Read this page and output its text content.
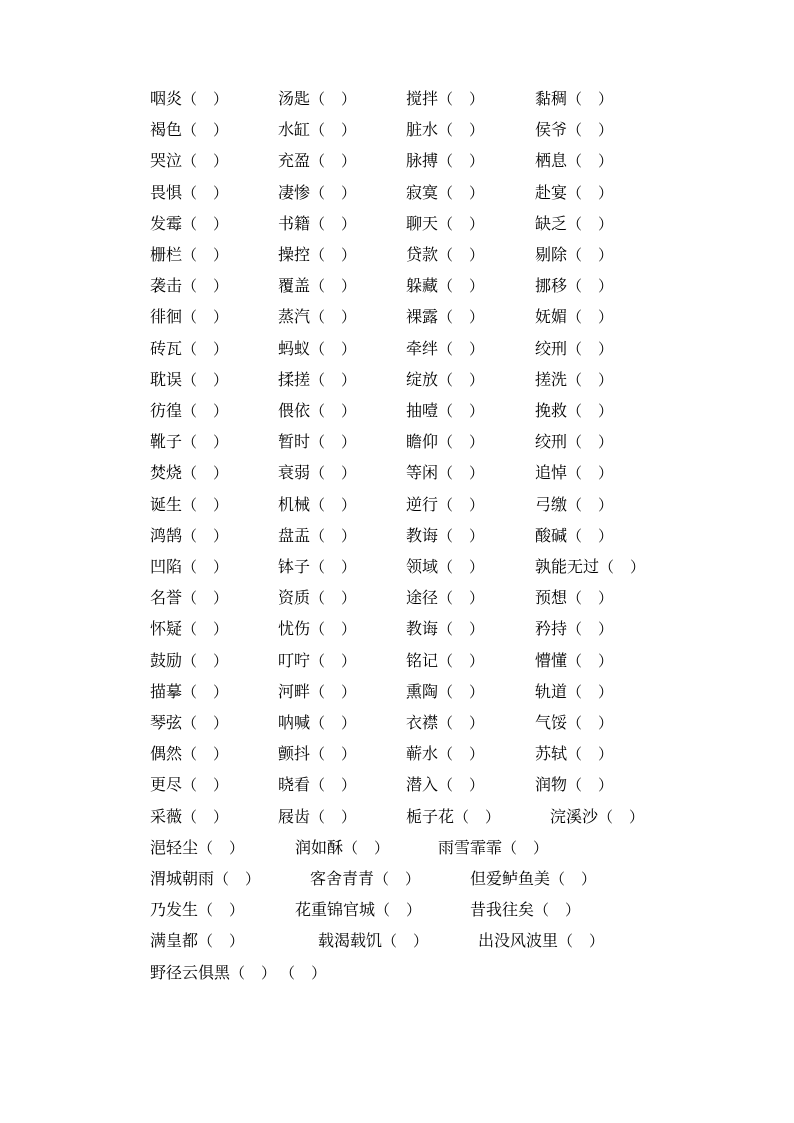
咽炎（ ）	汤匙（ ）	搅拌（ ）	黏稠（ ）
褐色（ ）	水缸（ ）	脏水（ ）	侯爷（ ）
哭泣（ ）	充盈（ ）	脉搏（ ）	栖息（ ）
畏惧（ ）	凄惨（ ）	寂寞（ ）	赴宴（ ）
发霉（ ）	书籍（ ）	聊天（ ）	缺乏（ ）
栅栏（ ）	操控（ ）	贷款（ ）	剔除（ ）
袭击（ ）	覆盖（ ）	躲藏（ ）	挪移（ ）
徘徊（ ）	蒸汽（ ）	裸露（ ）	妩媚（ ）
砖瓦（ ）	蚂蚁（ ）	牵绊（ ）	绞刑（ ）
耽误（ ）	揉搓（ ）	绽放（ ）	搓洗（ ）
彷徨（ ）	偎依（ ）	抽噎（ ）	挽救（ ）
靴子（ ）	暂时（ ）	瞻仰（ ）	绞刑（ ）
焚烧（ ）	衰弱（ ）	等闲（ ）	追悼（ ）
诞生（ ）	机械（ ）	逆行（ ）	弓缴（ ）
鸿鹄（ ）	盘盂（ ）	教诲（ ）	酸碱（ ）
凹陷（ ）	钵子（ ）	领域（ ）	孰能无过（ ）
名誉（ ）	资质（ ）	途径（ ）	预想（ ）
怀疑（ ）	忧伤（ ）	教诲（ ）	矜持（ ）
鼓励（ ）	叮咛（ ）	铭记（ ）	懵懂（ ）
描摹（ ）	河畔（ ）	熏陶（ ）	轨道（ ）
琴弦（ ）	呐喊（ ）	衣襟（ ）	气馁（ ）
偶然（ ）	颤抖（ ）	蕲水（ ）	苏轼（ ）
更尽（ ）	晓看（ ）	潜入（ ）	润物（ ）
采薇（ ）	屐齿（ ）	栀子花（ ）	浣溪沙（ ）
浥轻尘（ ）	润如酥（ ）	雨雪霏霏（ ）
渭城朝雨（ ）	客舍青青（ ）	但爱鲈鱼美（ ）
乃发生（ ）	花重锦官城（ ）	昔我往矣（ ）
满皇都（ ）	载渴载饥（ ）	出没风波里（ ）
野径云俱黑（ ） （ ）
